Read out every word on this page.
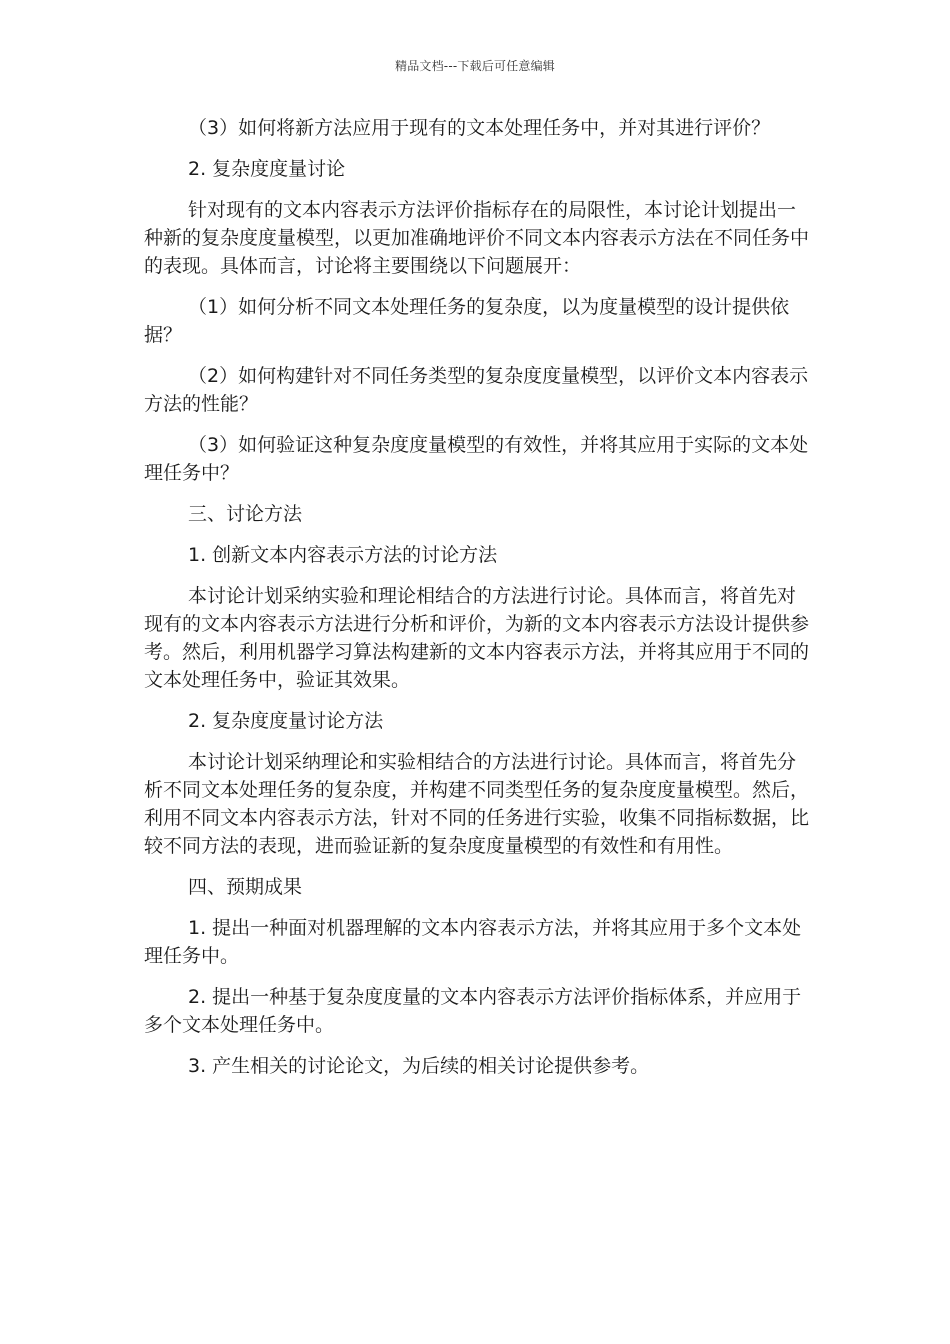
精品文档---下载后可任意编辑

（3）如何将新方法应用于现有的文本处理任务中，并对其进行评价？

2. 复杂度度量讨论

针对现有的文本内容表示方法评价指标存在的局限性，本讨论计划提出一种新的复杂度度量模型，以更加准确地评价不同文本内容表示方法在不同任务中的表现。具体而言，讨论将主要围绕以下问题展开：

（1）如何分析不同文本处理任务的复杂度，以为度量模型的设计提供依据？

（2）如何构建针对不同任务类型的复杂度度量模型，以评价文本内容表示方法的性能？

（3）如何验证这种复杂度度量模型的有效性，并将其应用于实际的文本处理任务中？

三、讨论方法

1. 创新文本内容表示方法的讨论方法

本讨论计划采纳实验和理论相结合的方法进行讨论。具体而言，将首先对现有的文本内容表示方法进行分析和评价，为新的文本内容表示方法设计提供参考。然后，利用机器学习算法构建新的文本内容表示方法，并将其应用于不同的文本处理任务中，验证其效果。

2. 复杂度度量讨论方法

本讨论计划采纳理论和实验相结合的方法进行讨论。具体而言，将首先分析不同文本处理任务的复杂度，并构建不同类型任务的复杂度度量模型。然后，利用不同文本内容表示方法，针对不同的任务进行实验，收集不同指标数据，比较不同方法的表现，进而验证新的复杂度度量模型的有效性和有用性。

四、预期成果

1. 提出一种面对机器理解的文本内容表示方法，并将其应用于多个文本处理任务中。

2. 提出一种基于复杂度度量的文本内容表示方法评价指标体系，并应用于多个文本处理任务中。

3. 产生相关的讨论论文，为后续的相关讨论提供参考。
